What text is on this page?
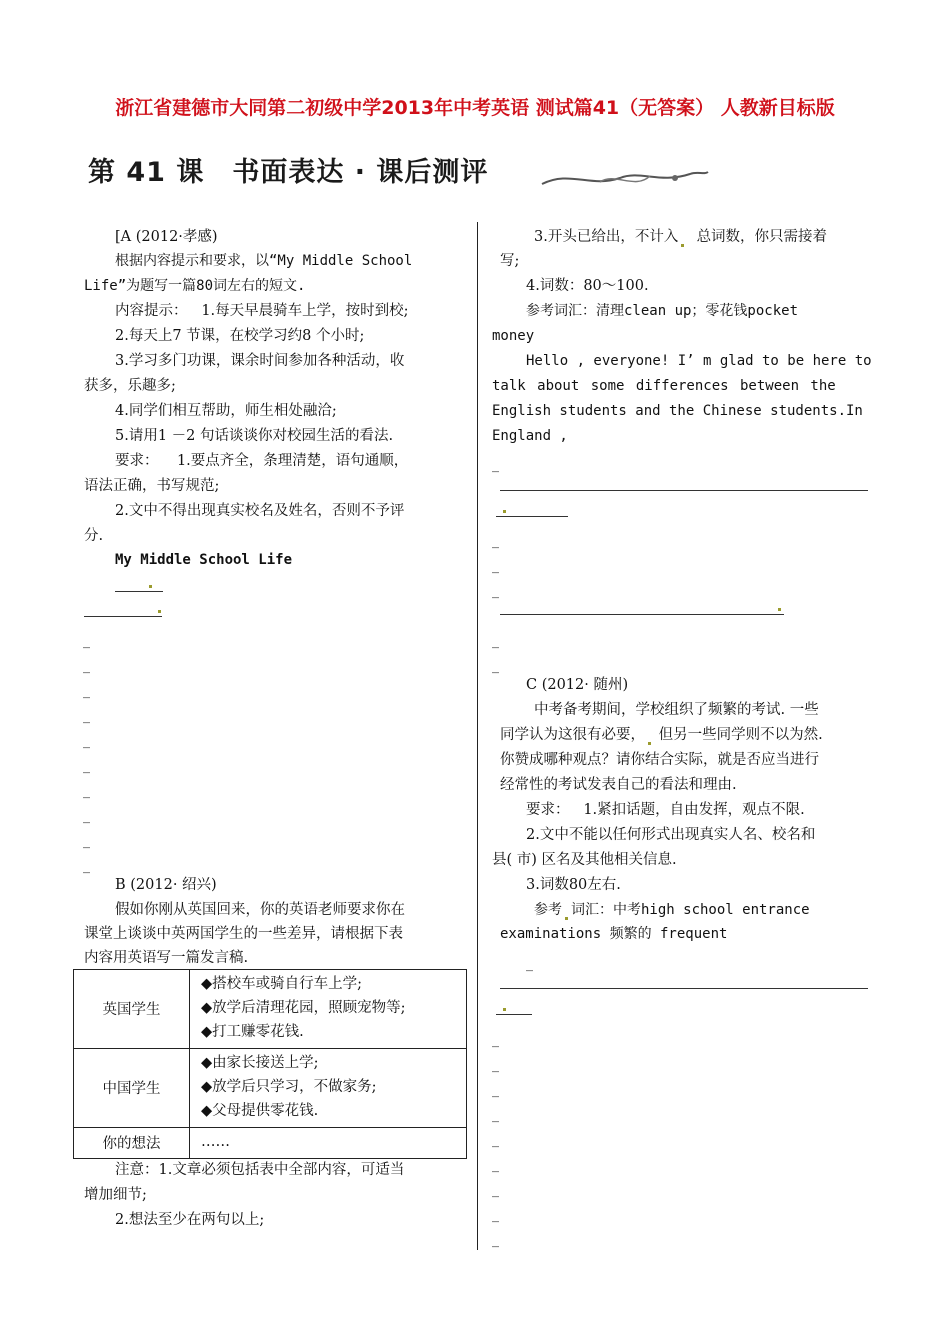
浙江省建德市大同第二初级中学2013年中考英语 测试篇41（无答案） 人教新目标版
第 41 课 书面表达 · 课后测评
[A (2012·孝感)
根据内容提示和要求，以“My Middle School
Life”为题写一篇80词左右的短文.
内容提示： 1.每天早晨骑车上学，按时到校;
2.每天上7 节课，在校学习约8 个小时;
3.学习多门功课，课余时间参加各种活动，收
获多，乐趣多;
4.同学们相互帮助，师生相处融洽;
5.请用1 －2 句话谈谈你对校园生活的看法.
要求： 1.要点齐全，条理清楚，语句通顺，
语法正确，书写规范;
2.文中不得出现真实校名及姓名，否则不予评
分.
My Middle School Life
_
_
_
_
_
_
_
_
_
_
B (2012· 绍兴)
假如你刚从英国回来，你的英语老师要求你在
课堂上谈谈中英两国学生的一些差异，请根据下表
内容用英语写一篇发言稿.
英国学生	◆搭校车或骑自行车上学;
◆放学后清理花园，照顾宠物等;
◆打工赚零花钱.

中国学生	◆由家长接送上学;
◆放学后只学习，不做家务;
◆父母提供零花钱.

你的想法	……
注意：1.文章必须包括表中全部内容，可适当
增加细节;
2.想法至少在两句以上;
3.开头已给出，不计入 总词数，你只需接着
写;
4.词数：80～100.
参考词汇：清理clean up；零花钱pocket
money
Hello , everyone! I’ m glad to be here to
talk about some differences between the
English students and the Chinese students.In
England ,
_
_
_
_
_
_
C (2012· 随州)
中考备考期间，学校组织了频繁的考试. 一些
同学认为这很有必要， 但另一些同学则不以为然.
你赞成哪种观点？请你结合实际，就是否应当进行
经常性的考试发表自己的看法和理由.
要求： 1.紧扣话题，自由发挥，观点不限.
2.文中不能以任何形式出现真实人名、校名和
县( 市) 区名及其他相关信息.
3.词数80左右.
参考 词汇：中考high school entrance
examinations 频繁的 frequent
_
_
_
_
_
_
_
_
_
_
